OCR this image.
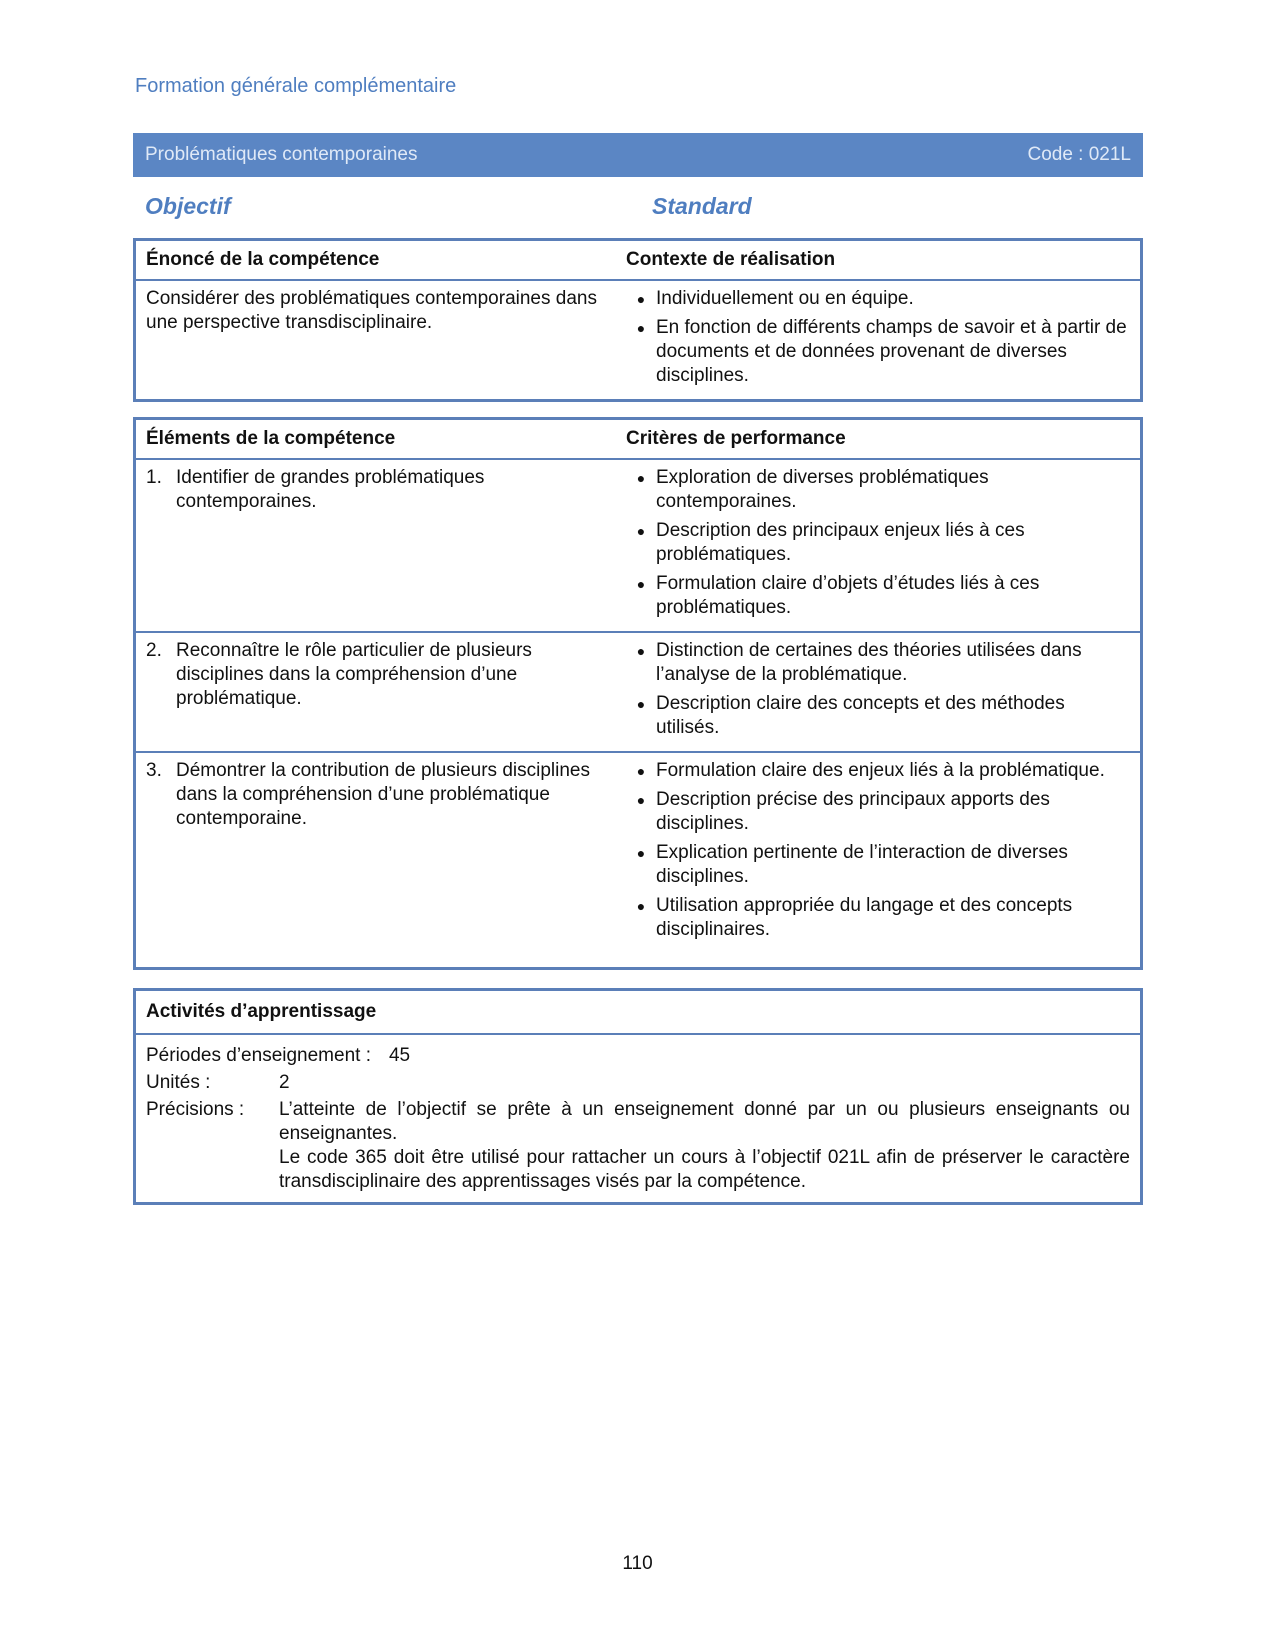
Formation générale complémentaire
Problématiques contemporaines	Code : 021L
Objectif	Standard
Énoncé de la compétence	Contexte de réalisation
Considérer des problématiques contemporaines dans une perspective transdisciplinaire.
● Individuellement ou en équipe.
● En fonction de différents champs de savoir et à partir de documents et de données provenant de diverses disciplines.
Éléments de la compétence	Critères de performance
1. Identifier de grandes problématiques contemporaines.
● Exploration de diverses problématiques contemporaines.
● Description des principaux enjeux liés à ces problématiques.
● Formulation claire d’objets d’études liés à ces problématiques.
2. Reconnaître le rôle particulier de plusieurs disciplines dans la compréhension d’une problématique.
● Distinction de certaines des théories utilisées dans l’analyse de la problématique.
● Description claire des concepts et des méthodes utilisés.
3. Démontrer la contribution de plusieurs disciplines dans la compréhension d’une problématique contemporaine.
● Formulation claire des enjeux liés à la problématique.
● Description précise des principaux apports des disciplines.
● Explication pertinente de l’interaction de diverses disciplines.
● Utilisation appropriée du langage et des concepts disciplinaires.
Activités d’apprentissage
Périodes d’enseignement : 45
Unités :	2
Précisions :	L’atteinte de l’objectif se prête à un enseignement donné par un ou plusieurs enseignants ou enseignantes.
Le code 365 doit être utilisé pour rattacher un cours à l’objectif 021L afin de préserver le caractère transdisciplinaire des apprentissages visés par la compétence.
110
